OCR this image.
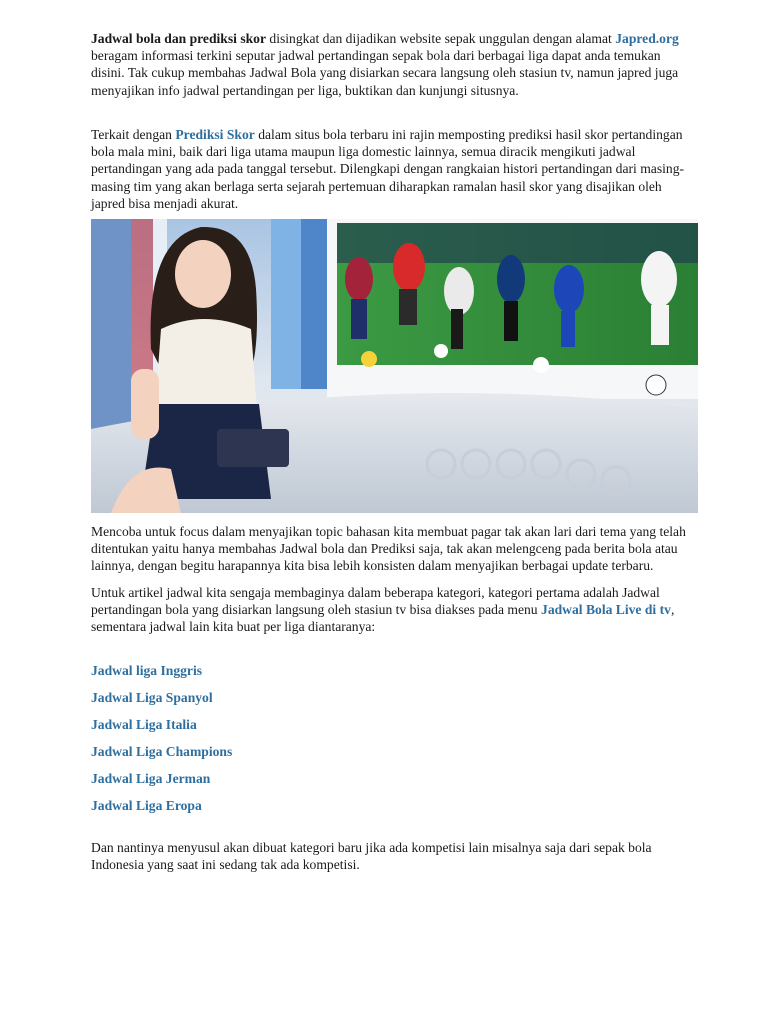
Jadwal bola dan prediksi skor disingkat dan dijadikan website sepak unggulan dengan alamat Japred.org beragam informasi terkini seputar jadwal pertandingan sepak bola dari berbagai liga dapat anda temukan disini. Tak cukup membahas Jadwal Bola yang disiarkan secara langsung oleh stasiun tv, namun japred juga menyajikan info jadwal pertandingan per liga, buktikan dan kunjungi situsnya.

Terkait dengan Prediksi Skor dalam situs bola terbaru ini rajin memposting prediksi hasil skor pertandingan bola mala mini, baik dari liga utama maupun liga domestic lainnya, semua diracik mengikuti jadwal pertandingan yang ada pada tanggal tersebut. Dilengkapi dengan rangkaian histori pertandingan dari masing-masing tim yang akan berlaga serta sejarah pertemuan diharapkan ramalan hasil skor yang disajikan oleh japred bisa menjadi akurat.

Mencoba untuk focus dalam menyajikan topic bahasan kita membuat pagar tak akan lari dari tema yang telah ditentukan yaitu hanya membahas Jadwal bola dan Prediksi saja, tak akan melengceng pada berita bola atau lainnya, dengan begitu harapannya kita bisa lebih konsisten dalam menyajikan berbagai update terbaru.

Untuk artikel jadwal kita sengaja membaginya dalam beberapa kategori, kategori pertama adalah Jadwal pertandingan bola yang disiarkan langsung oleh stasiun tv bisa diakses pada menu Jadwal Bola Live di tv, sementara jadwal lain kita buat per liga diantaranya:

Jadwal liga Inggris
Jadwal Liga Spanyol
Jadwal Liga Italia
Jadwal Liga Champions
Jadwal Liga Jerman
Jadwal Liga Eropa

Dan nantinya menyusul akan dibuat kategori baru jika ada kompetisi lain misalnya saja dari sepak bola Indonesia yang saat ini sedang tak ada kompetisi.
